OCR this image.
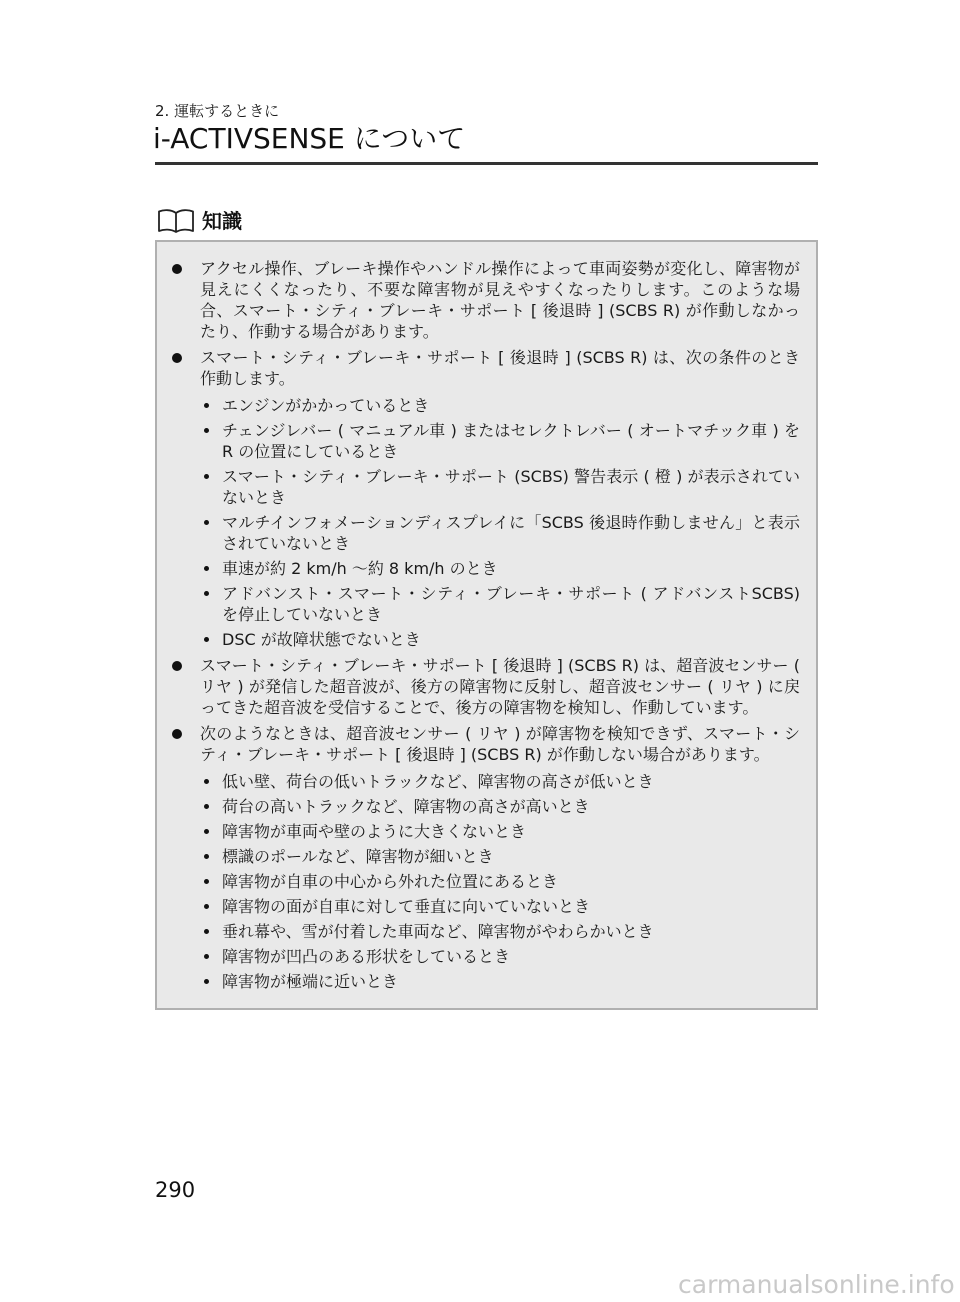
2. 運転するときに
i-ACTIVSENSE について
知識
アクセル操作、ブレーキ操作やハンドル操作によって車両姿勢が変化し、障害物が見えにくくなったり、不要な障害物が見えやすくなったりします。このような場合、スマート・シティ・ブレーキ・サポート [ 後退時 ] (SCBS R) が作動しなかったり、作動する場合があります。
スマート・シティ・ブレーキ・サポート [ 後退時 ] (SCBS R) は、次の条件のとき作動します。
エンジンがかかっているとき
チェンジレバー ( マニュアル車 ) またはセレクトレバー ( オートマチック車 ) を R の位置にしているとき
スマート・シティ・ブレーキ・サポート (SCBS) 警告表示 ( 橙 ) が表示されていないとき
マルチインフォメーションディスプレイに「SCBS 後退時作動しません」と表示されていないとき
車速が約 2 km/h 〜約 8 km/h のとき
アドバンスト・スマート・シティ・ブレーキ・サポート ( アドバンストSCBS) を停止していないとき
DSC が故障状態でないとき
スマート・シティ・ブレーキ・サポート [ 後退時 ] (SCBS R) は、超音波センサー ( リヤ ) が発信した超音波が、後方の障害物に反射し、超音波センサー ( リヤ ) に戻ってきた超音波を受信することで、後方の障害物を検知し、作動しています。
次のようなときは、超音波センサー ( リヤ ) が障害物を検知できず、スマート・シティ・ブレーキ・サポート [ 後退時 ] (SCBS R) が作動しない場合があります。
低い壁、荷台の低いトラックなど、障害物の高さが低いとき
荷台の高いトラックなど、障害物の高さが高いとき
障害物が車両や壁のように大きくないとき
標識のポールなど、障害物が細いとき
障害物が自車の中心から外れた位置にあるとき
障害物の面が自車に対して垂直に向いていないとき
垂れ幕や、雪が付着した車両など、障害物がやわらかいとき
障害物が凹凸のある形状をしているとき
障害物が極端に近いとき
290
carmanualsonline.info
